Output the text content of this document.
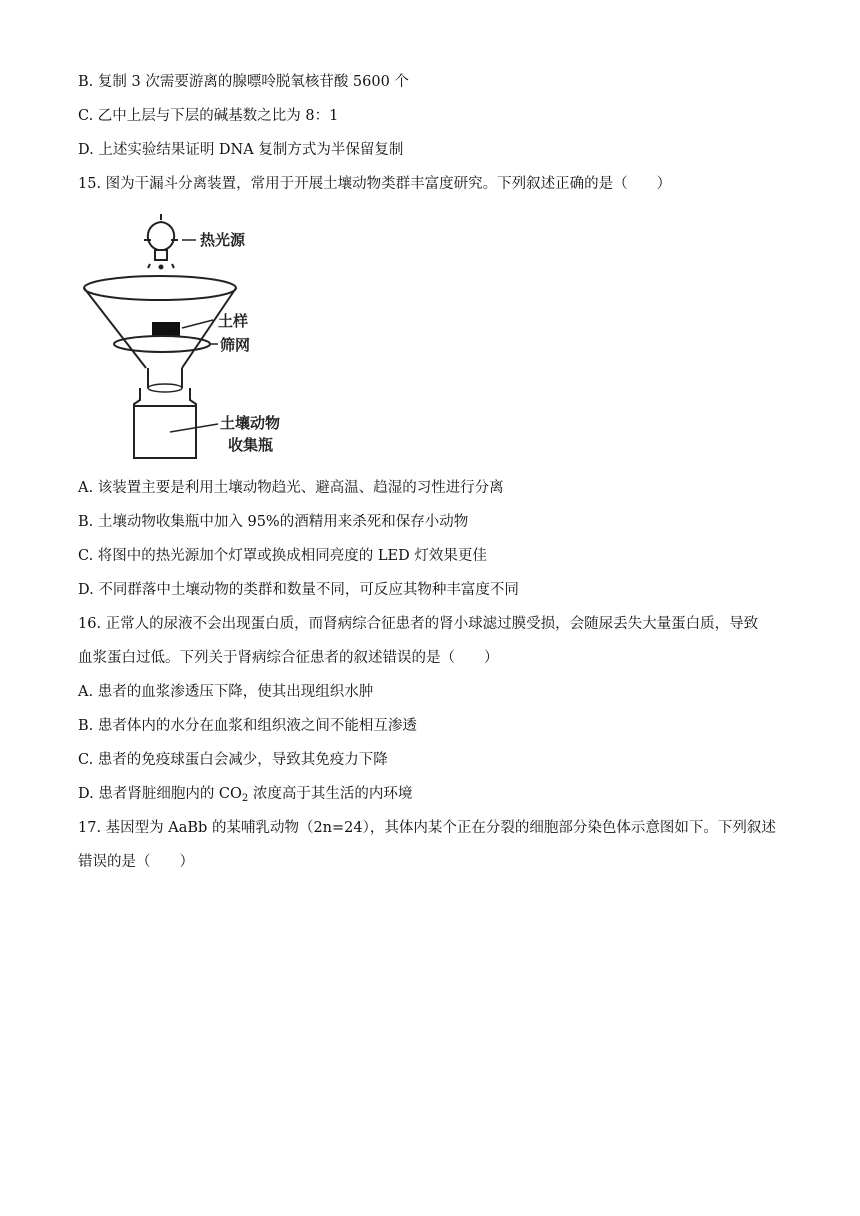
B. 复制 3 次需要游离的腺嘌呤脱氧核苷酸 5600 个
C. 乙中上层与下层的碱基数之比为 8：1
D. 上述实验结果证明 DNA 复制方式为半保留复制
15. 图为干漏斗分离装置，常用于开展土壤动物类群丰富度研究。下列叙述正确的是（　　）
热光源
土样
筛网
土壤动物
收集瓶
A. 该装置主要是利用土壤动物趋光、避高温、趋湿的习性进行分离
B. 土壤动物收集瓶中加入 95%的酒精用来杀死和保存小动物
C. 将图中的热光源加个灯罩或换成相同亮度的 LED 灯效果更佳
D. 不同群落中土壤动物的类群和数量不同，可反应其物种丰富度不同
16. 正常人的尿液不会出现蛋白质，而肾病综合征患者的肾小球滤过膜受损，会随尿丢失大量蛋白质，导致
血浆蛋白过低。下列关于肾病综合征患者的叙述错误的是（　　）
A. 患者的血浆渗透压下降，使其出现组织水肿
B. 患者体内的水分在血浆和组织液之间不能相互渗透
C. 患者的免疫球蛋白会减少，导致其免疫力下降
D. 患者肾脏细胞内的 $CO_2$ 浓度高于其生活的内环境
17. 基因型为 AaBb 的某哺乳动物（2n=24），其体内某个正在分裂的细胞部分染色体示意图如下。下列叙述
错误的是（　　）
